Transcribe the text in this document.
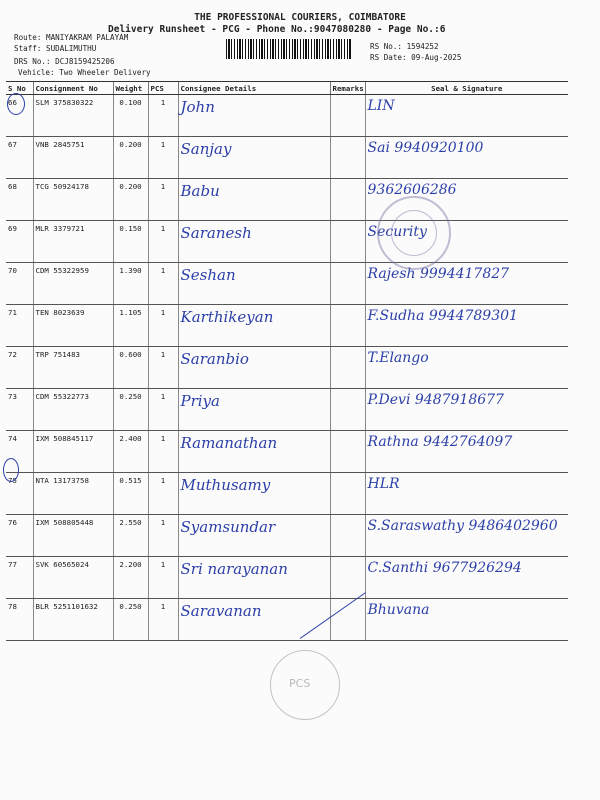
THE PROFESSIONAL COURIERS, COIMBATORE
Delivery Runsheet - PCG - Phone No.:9047080280 - Page No.:6
Route: MANIYAKRAM PALAYAM
Staff: SUDALIMUTHU
DRS No.: DCJ8159425206
Vehicle: Two Wheeler Delivery
RS No.: 1594252
RS Date: 09-Aug-2025
S No	Consignment No	Weight	PCS	Consignee Details	Remarks	Seal & Signature
66	SLM 375830322	0.100	1	John		LIN
67	VNB 2845751	0.200	1	Sanjay		Sai 9940920100
68	TCG 50924178	0.200	1	Babu		9362606286
69	MLR 3379721	0.150	1	Saranesh		Security
70	CDM 55322959	1.390	1	Seshan		Rajesh 9994417827
71	TEN 8023639	1.105	1	Karthikeyan		F.Sudha 9944789301
72	TRP 751483	0.600	1	Saranbio		T.Elango
73	CDM 55322773	0.250	1	Priya		P.Devi 9487918677
74	IXM 508845117	2.400	1	Ramanathan		Rathna 9442764097
75	NTA 13173758	0.515	1	Muthusamy		HLR
76	IXM 508805448	2.550	1	Syamsundar		S.Saraswathy 9486402960
77	SVK 60565024	2.200	1	Sri narayanan		C.Santhi 9677926294
78	BLR 5251101632	0.250	1	Saravanan		Bhuvana
PCS
